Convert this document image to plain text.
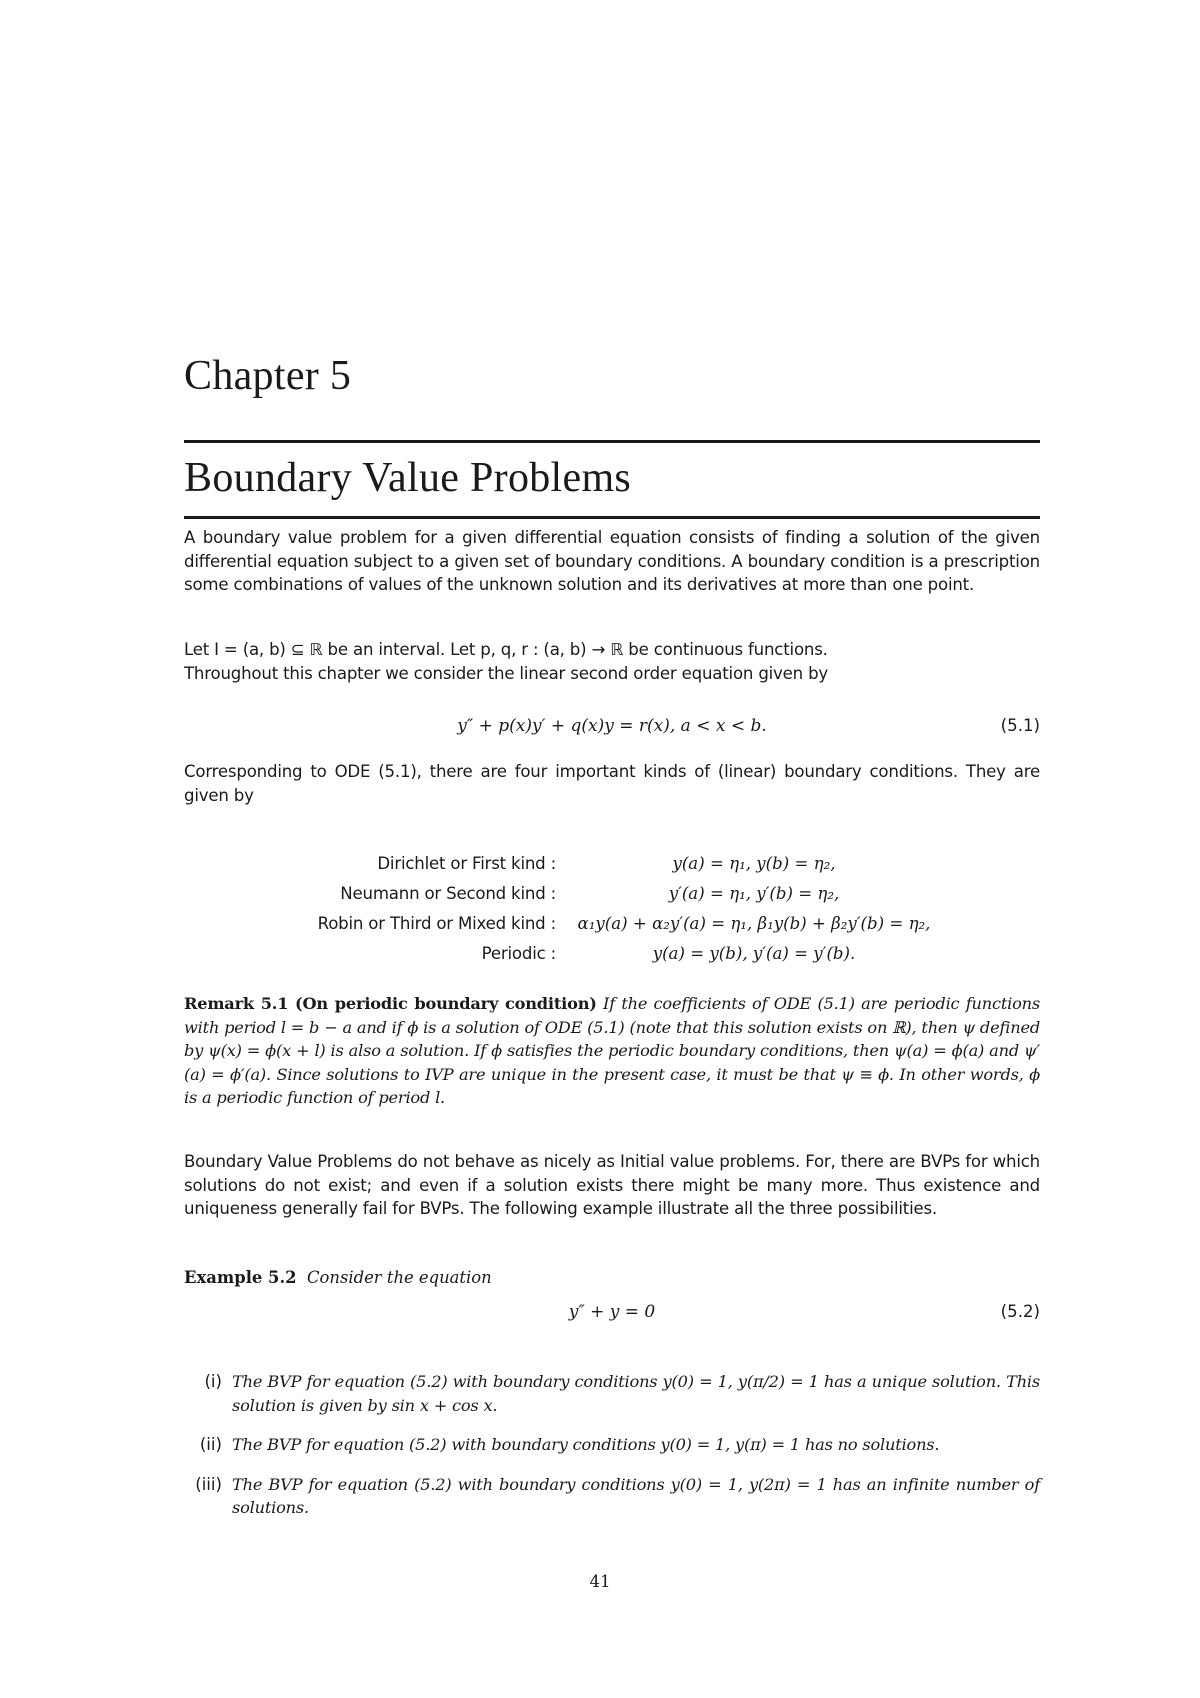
Chapter 5
Boundary Value Problems

A boundary value problem for a given differential equation consists of finding a solution of the given differential equation subject to a given set of boundary conditions. A boundary condition is a prescription some combinations of values of the unknown solution and its derivatives at more than one point.

Let I = (a, b) ⊆ ℝ be an interval. Let p, q, r : (a, b) → ℝ be continuous functions.
Throughout this chapter we consider the linear second order equation given by

y″ + p(x)y′ + q(x)y = r(x), a < x < b.	(5.1)

Corresponding to ODE (5.1), there are four important kinds of (linear) boundary conditions. They are given by

Dirichlet or First kind :	y(a) = η₁, y(b) = η₂,
Neumann or Second kind :	y′(a) = η₁, y′(b) = η₂,
Robin or Third or Mixed kind :	α₁y(a) + α₂y′(a) = η₁, β₁y(b) + β₂y′(b) = η₂,
Periodic :	y(a) = y(b), y′(a) = y′(b).

Remark 5.1 (On periodic boundary condition) If the coefficients of ODE (5.1) are periodic functions with period l = b − a and if ϕ is a solution of ODE (5.1) (note that this solution exists on ℝ), then ψ defined by ψ(x) = ϕ(x + l) is also a solution. If ϕ satisfies the periodic boundary conditions, then ψ(a) = ϕ(a) and ψ′(a) = ϕ′(a). Since solutions to IVP are unique in the present case, it must be that ψ ≡ ϕ. In other words, ϕ is a periodic function of period l.

Boundary Value Problems do not behave as nicely as Initial value problems. For, there are BVPs for which solutions do not exist; and even if a solution exists there might be many more. Thus existence and uniqueness generally fail for BVPs. The following example illustrate all the three possibilities.

Example 5.2 Consider the equation

y″ + y = 0	(5.2)
(i) The BVP for equation (5.2) with boundary conditions y(0) = 1, y(π/2) = 1 has a unique solution. This solution is given by sin x + cos x.
(ii) The BVP for equation (5.2) with boundary conditions y(0) = 1, y(π) = 1 has no solutions.
(iii) The BVP for equation (5.2) with boundary conditions y(0) = 1, y(2π) = 1 has an infinite number of solutions.
41
